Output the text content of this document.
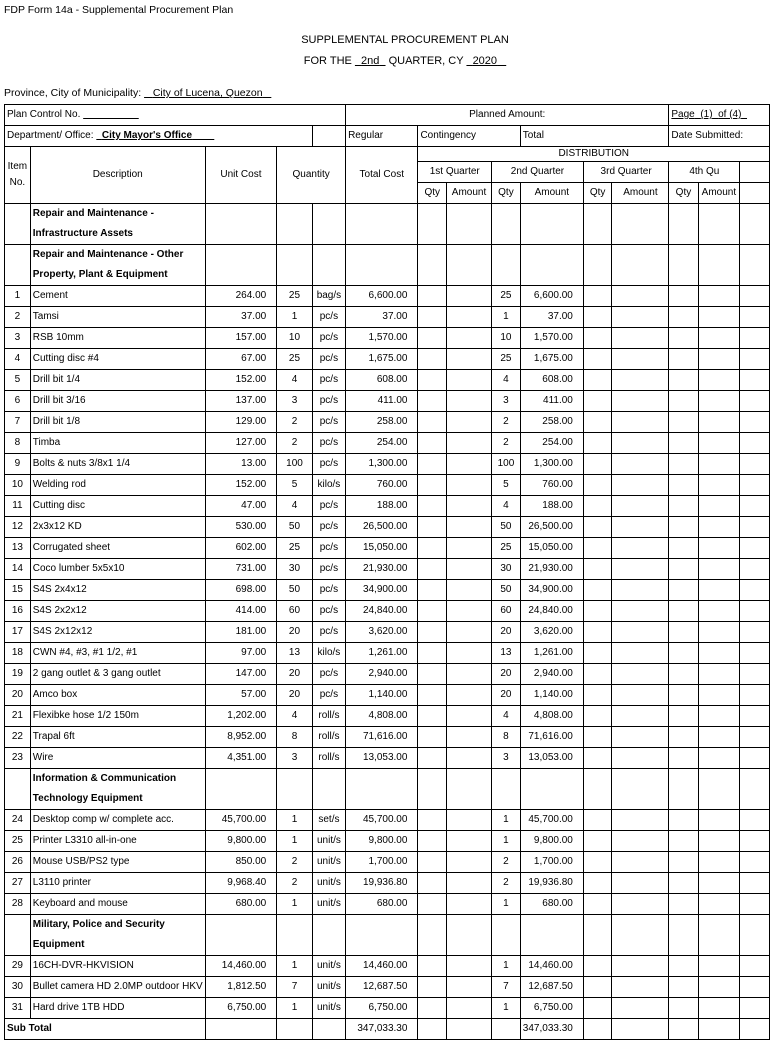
FDP Form 14a - Supplemental Procurement Plan
SUPPLEMENTAL PROCUREMENT PLAN
FOR THE 2nd QUARTER, CY 2020
Province, City of Municipality: City of Lucena, Quezon
Plan Control No.					Planned Amount:							Page (1) of (4)		
Department/ Office: City Mayor's Office					Regular	Contingency			Total			Date Submitted:		
Item No.	Description	Unit Cost	Quantity		Total Cost	DISTRIBUTION								
						1st Quarter		2nd Quarter		3rd Quarter		4th Qu		
						Qty	Amount	Qty	Amount	Qty	Amount	Qty	Amount	
	Repair and Maintenance - Infrastructure Assets													
	Repair and Maintenance - Other Property, Plant & Equipment													
1	Cement	264.00	25	bag/s	6,600.00			25	6,600.00					
2	Tamsi	37.00	1	pc/s	37.00			1	37.00					
3	RSB 10mm	157.00	10	pc/s	1,570.00			10	1,570.00					
4	Cutting disc #4	67.00	25	pc/s	1,675.00			25	1,675.00					
5	Drill bit 1/4	152.00	4	pc/s	608.00			4	608.00					
6	Drill bit 3/16	137.00	3	pc/s	411.00			3	411.00					
7	Drill bit 1/8	129.00	2	pc/s	258.00			2	258.00					
8	Timba	127.00	2	pc/s	254.00			2	254.00					
9	Bolts & nuts 3/8x1 1/4	13.00	100	pc/s	1,300.00			100	1,300.00					
10	Welding rod	152.00	5	kilo/s	760.00			5	760.00					
11	Cutting disc	47.00	4	pc/s	188.00			4	188.00					
12	2x3x12 KD	530.00	50	pc/s	26,500.00			50	26,500.00					
13	Corrugated sheet	602.00	25	pc/s	15,050.00			25	15,050.00					
14	Coco lumber 5x5x10	731.00	30	pc/s	21,930.00			30	21,930.00					
15	S4S 2x4x12	698.00	50	pc/s	34,900.00			50	34,900.00					
16	S4S 2x2x12	414.00	60	pc/s	24,840.00			60	24,840.00					
17	S4S 2x12x12	181.00	20	pc/s	3,620.00			20	3,620.00					
18	CWN #4, #3, #1 1/2, #1	97.00	13	kilo/s	1,261.00			13	1,261.00					
19	2 gang outlet & 3 gang outlet	147.00	20	pc/s	2,940.00			20	2,940.00					
20	Amco box	57.00	20	pc/s	1,140.00			20	1,140.00					
21	Flexibke hose 1/2 150m	1,202.00	4	roll/s	4,808.00			4	4,808.00					
22	Trapal 6ft	8,952.00	8	roll/s	71,616.00			8	71,616.00					
23	Wire	4,351.00	3	roll/s	13,053.00			3	13,053.00					
	Information & Communication Technology Equipment													
24	Desktop comp w/ complete acc.	45,700.00	1	set/s	45,700.00			1	45,700.00					
25	Printer L3310 all-in-one	9,800.00	1	unit/s	9,800.00			1	9,800.00					
26	Mouse USB/PS2 type	850.00	2	unit/s	1,700.00			2	1,700.00					
27	L3110 printer	9,968.40	2	unit/s	19,936.80			2	19,936.80					
28	Keyboard and mouse	680.00	1	unit/s	680.00			1	680.00					
	Military, Police and Security Equipment													
29	16CH-DVR-HKVISION	14,460.00	1	unit/s	14,460.00			1	14,460.00					
30	Bullet camera HD 2.0MP outdoor HKV	1,812.50	7	unit/s	12,687.50			7	12,687.50					
31	Hard drive 1TB HDD	6,750.00	1	unit/s	6,750.00			1	6,750.00					
Sub Total					347,033.30				347,033.30					
